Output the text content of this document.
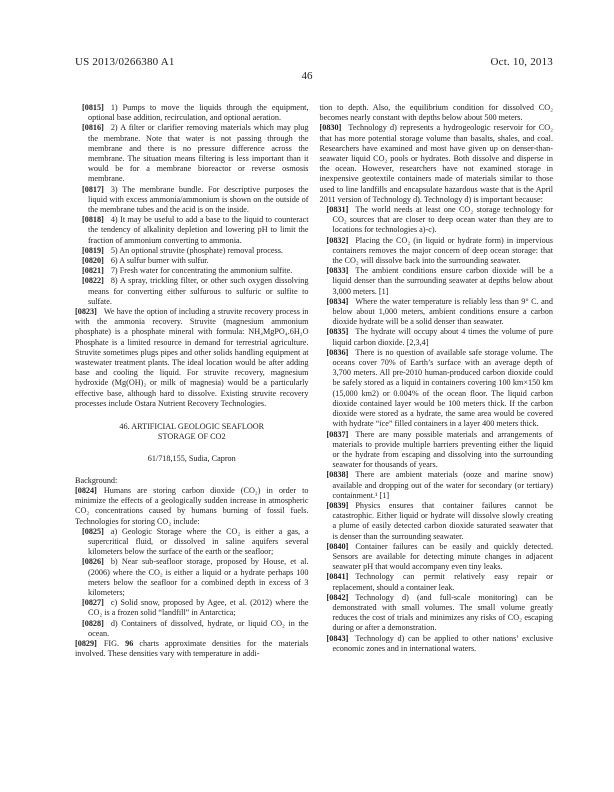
US 2013/0266380 A1	Oct. 10, 2013
46

[0815] 1) Pumps to move the liquids through the equipment, optional base addition, recirculation, and optional aeration.

[0816] 2) A filter or clarifier removing materials which may plug the membrane. Note that water is not passing through the membrane and there is no pressure difference across the membrane. The situation means filtering is less important than it would be for a membrane bioreactor or reverse osmosis membrane.

[0817] 3) The membrane bundle. For descriptive purposes the liquid with excess ammonia/ammonium is shown on the outside of the membrane tubes and the acid is on the inside.

[0818] 4) It may be useful to add a base to the liquid to counteract the tendency of alkalinity depletion and lowering pH to limit the fraction of ammonium converting to ammonia.

[0819] 5) An optional struvite (phosphate) removal process.

[0820] 6) A sulfur burner with sulfur.

[0821] 7) Fresh water for concentrating the ammonium sulfite.

[0822] 8) A spray, trickling filter, or other such oxygen dissolving means for converting either sulfurous to sulfuric or sulfite to sulfate.

[0823] We have the option of including a struvite recovery process in with the ammonia recovery. Struvite (magnesium ammonium phosphate) is a phosphate mineral with formula: NH₄MgPO₄.6H₂O Phosphate is a limited resource in demand for terrestrial agriculture. Struvite sometimes plugs pipes and other solids handling equipment at wastewater treatment plants. The ideal location would be after adding base and cooling the liquid. For struvite recovery, magnesium hydroxide (Mg(OH)₂ or milk of magnesia) would be a particularly effective base, although hard to dissolve. Existing struvite recovery processes include Ostara Nutrient Recovery Technologies.

46. ARTIFICIAL GEOLOGIC SEAFLOOR
STORAGE OF CO2
61/718,155, Sudia, Capron
Background:

[0824] Humans are storing carbon dioxide (CO₂) in order to minimize the effects of a geologically sudden increase in atmospheric CO₂ concentrations caused by humans burning of fossil fuels. Technologies for storing CO₂ include:

[0825] a) Geologic Storage where the CO₂ is either a gas, a supercritical fluid, or dissolved in saline aquifers several kilometers below the surface of the earth or the seafloor;

[0826] b) Near sub-seafloor storage, proposed by House, et al. (2006) where the CO₂ is either a liquid or a hydrate perhaps 100 meters below the seafloor for a combined depth in excess of 3 kilometers;

[0827] c) Solid snow, proposed by Agee, et al. (2012) where the CO₂ is a frozen solid “landfill” in Antarctica;

[0828] d) Containers of dissolved, hydrate, or liquid CO₂ in the ocean.

[0829] FIG. 96 charts approximate densities for the materials involved. These densities vary with temperature in addi-

tion to depth. Also, the equilibrium condition for dissolved CO₂ becomes nearly constant with depths below about 500 meters.

[0830] Technology d) represents a hydrogeologic reservoir for CO₂ that has more potential storage volume than basalts, shales, and coal. Researchers have examined and most have given up on denser-than-seawater liquid CO₂ pools or hydrates. Both dissolve and disperse in the ocean. However, researchers have not examined storage in inexpensive geotextile containers made of materials similar to those used to line landfills and encapsulate hazardous waste that is the April 2011 version of Technology d). Technology d) is important because:

[0831] The world needs at least one CO₂ storage technology for CO₂ sources that are closer to deep ocean water than they are to locations for technologies a)-c).

[0832] Placing the CO₂ (in liquid or hydrate form) in impervious containers removes the major concern of deep ocean storage: that the CO₂ will dissolve back into the surrounding seawater.

[0833] The ambient conditions ensure carbon dioxide will be a liquid denser than the surrounding seawater at depths below about 3,000 meters. [1]

[0834] Where the water temperature is reliably less than 9° C. and below about 1,000 meters, ambient conditions ensure a carbon dioxide hydrate will be a solid denser than seawater.

[0835] The hydrate will occupy about 4 times the volume of pure liquid carbon dioxide. [2,3,4]

[0836] There is no question of available safe storage volume. The oceans cover 70% of Earth’s surface with an average depth of 3,700 meters. All pre-2010 human-produced carbon dioxide could be safely stored as a liquid in containers covering 100 km×150 km (15,000 km2) or 0.004% of the ocean floor. The liquid carbon dioxide contained layer would be 100 meters thick. If the carbon dioxide were stored as a hydrate, the same area would be covered with hydrate “ice” filled containers in a layer 400 meters thick.

[0837] There are many possible materials and arrangements of materials to provide multiple barriers preventing either the liquid or the hydrate from escaping and dissolving into the surrounding seawater for thousands of years.

[0838] There are ambient materials (ooze and marine snow) available and dropping out of the water for secondary (or tertiary) containment.¹ [1]

[0839] Physics ensures that container failures cannot be catastrophic. Either liquid or hydrate will dissolve slowly creating a plume of easily detected carbon dioxide saturated seawater that is denser than the surrounding seawater.

[0840] Container failures can be easily and quickly detected. Sensors are available for detecting minute changes in adjacent seawater pH that would accompany even tiny leaks.

[0841] Technology can permit relatively easy repair or replacement, should a container leak.

[0842] Technology d) (and full-scale monitoring) can be demonstrated with small volumes. The small volume greatly reduces the cost of trials and minimizes any risks of CO₂ escaping during or after a demonstration.

[0843] Technology d) can be applied to other nations’ exclusive economic zones and in international waters.
